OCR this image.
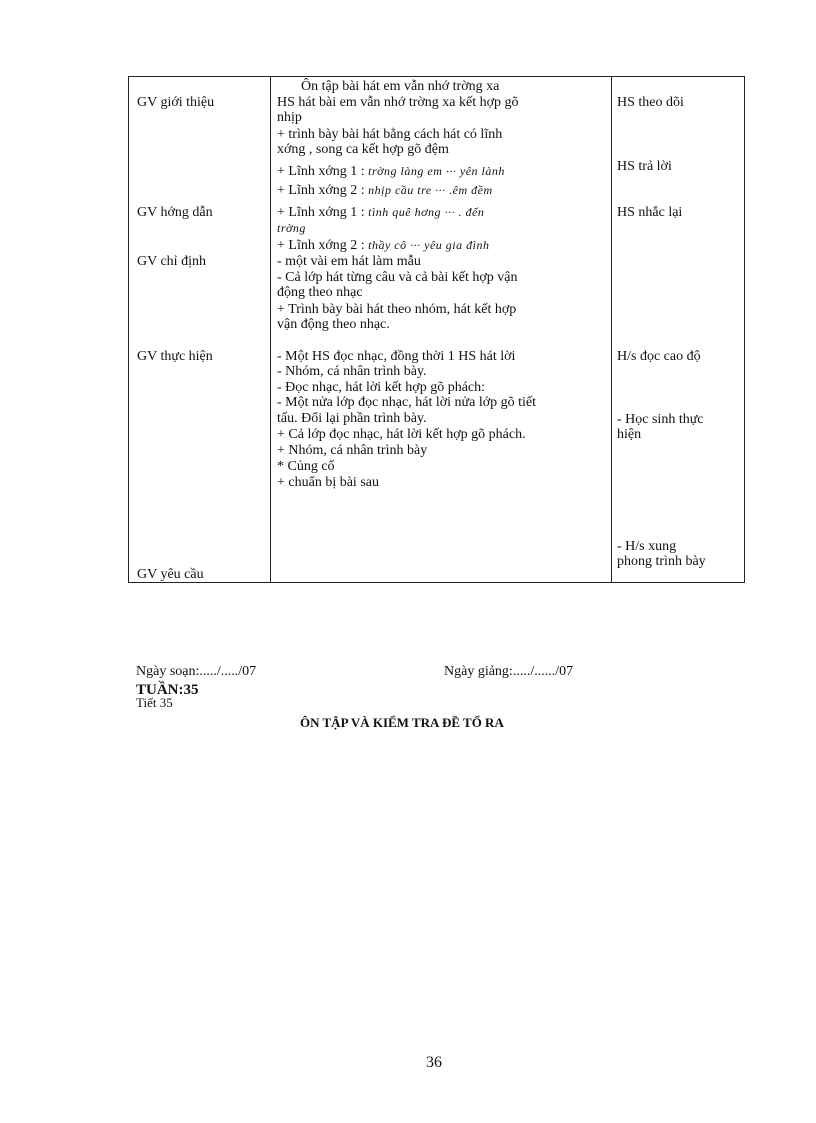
GV giới thiệu
GV hớng dẫn
GV chỉ định
GV thực hiện
GV yêu cầu
Ôn tập bài hát em vẫn nhớ trờng xa
HS hát bài em vẫn nhớ trờng xa kết hợp gõ
nhịp
+ trình bày bài hát bằng cách hát có lĩnh
xớng , song ca kết hợp gõ đệm
+ Lĩnh xớng 1 : trờng làng em ··· yên lành
+ Lĩnh xớng 2 : nhịp cầu tre ··· .êm đềm
+ Lĩnh xớng 1 : tình quê hơng ··· . đến
trờng
+ Lĩnh xớng 2 : thầy cô ··· yêu gia đình
- một vài em hát làm mẫu
- Cả lớp hát từng câu và cả bài kết hợp vận
động theo nhạc
+ Trình bày bài hát theo nhóm, hát kết hợp
vận động theo nhạc.
- Một HS đọc nhạc, đồng thời 1 HS hát lời
- Nhóm, cá nhân trình bày.
- Đọc nhạc, hát lời kết hợp gõ phách:
- Một nửa lớp đọc nhạc, hát lời nửa lớp gõ tiết
tấu. Đổi lại phần trình bày.
+ Cả lớp đọc nhạc, hát lời kết hợp gõ phách.
+ Nhóm, cá nhân trình bày
* Củng cố
+ chuẩn bị bài sau
HS theo dõi
HS trả lời
HS nhắc lại
H/s đọc cao độ
- Học sinh thực
hiện
- H/s xung
phong trình bày
Ngày soạn:...../...../07	Ngày giảng:...../....../07
TUẦN:35
Tiết 35
ÔN TẬP VÀ KIỂM TRA ĐỀ TỔ RA
36
